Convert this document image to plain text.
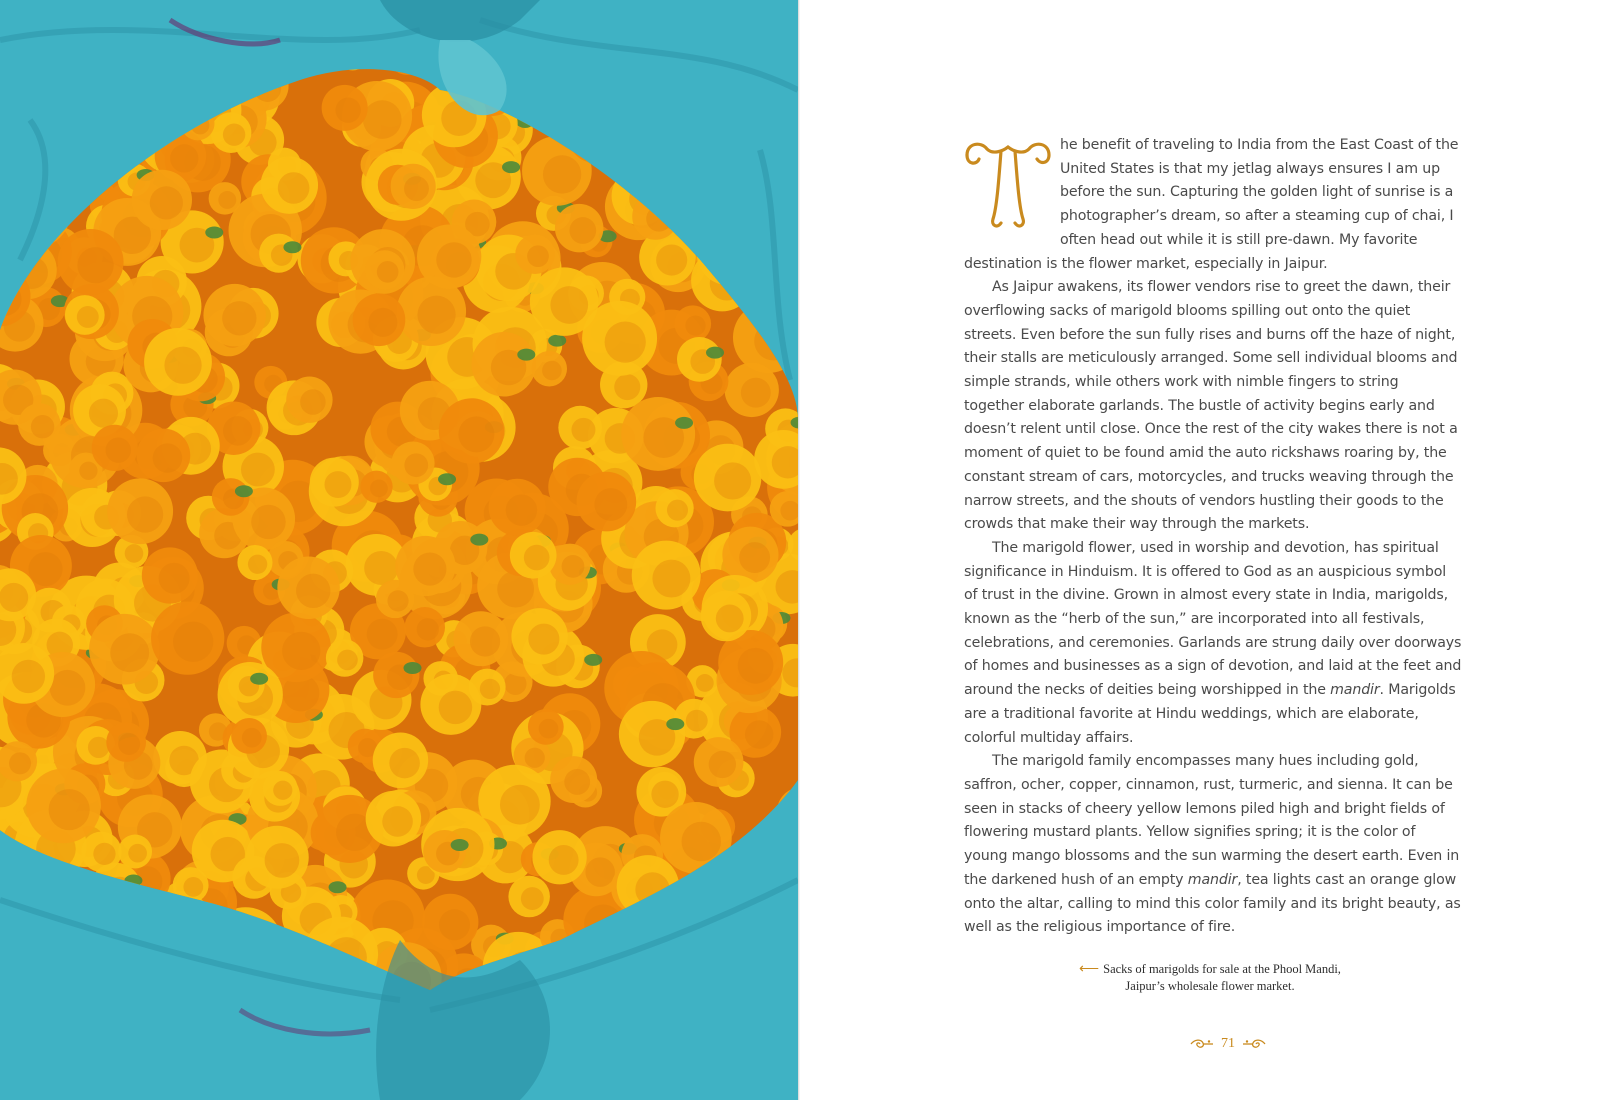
he benefit of traveling to India from the East Coast of the United States is that my jetlag always ensures I am up before the sun. Capturing the golden light of sunrise is a photographer’s dream, so after a steaming cup of chai, I often head out while it is still pre-dawn. My favorite destination is the flower market, especially in Jaipur.

As Jaipur awakens, its flower vendors rise to greet the dawn, their overflowing sacks of marigold blooms spilling out onto the quiet streets. Even before the sun fully rises and burns off the haze of night, their stalls are meticulously arranged. Some sell individual blooms and simple strands, while others work with nimble fingers to string together elaborate garlands. The bustle of activity begins early and doesn’t relent until close. Once the rest of the city wakes there is not a moment of quiet to be found amid the auto rickshaws roaring by, the constant stream of cars, motorcycles, and trucks weaving through the narrow streets, and the shouts of vendors hustling their goods to the crowds that make their way through the markets.

The marigold flower, used in worship and devotion, has spiritual significance in Hinduism. It is offered to God as an auspicious symbol of trust in the divine. Grown in almost every state in India, marigolds, known as the “herb of the sun,” are incorporated into all festivals, celebrations, and ceremonies. Garlands are strung daily over doorways of homes and businesses as a sign of devotion, and laid at the feet and around the necks of deities being worshipped in the mandir. Marigolds are a traditional favorite at Hindu weddings, which are elaborate, colorful multiday affairs.

The marigold family encompasses many hues including gold, saffron, ocher, copper, cinnamon, rust, turmeric, and sienna. It can be seen in stacks of cheery yellow lemons piled high and bright fields of flowering mustard plants. Yellow signifies spring; it is the color of young mango blossoms and the sun warming the desert earth. Even in the darkened hush of an empty mandir, tea lights cast an orange glow onto the altar, calling to mind this color family and its bright beauty, as well as the religious importance of fire.

⟵ Sacks of marigolds for sale at the Phool Mandi,
Jaipur’s wholesale flower market.
71
